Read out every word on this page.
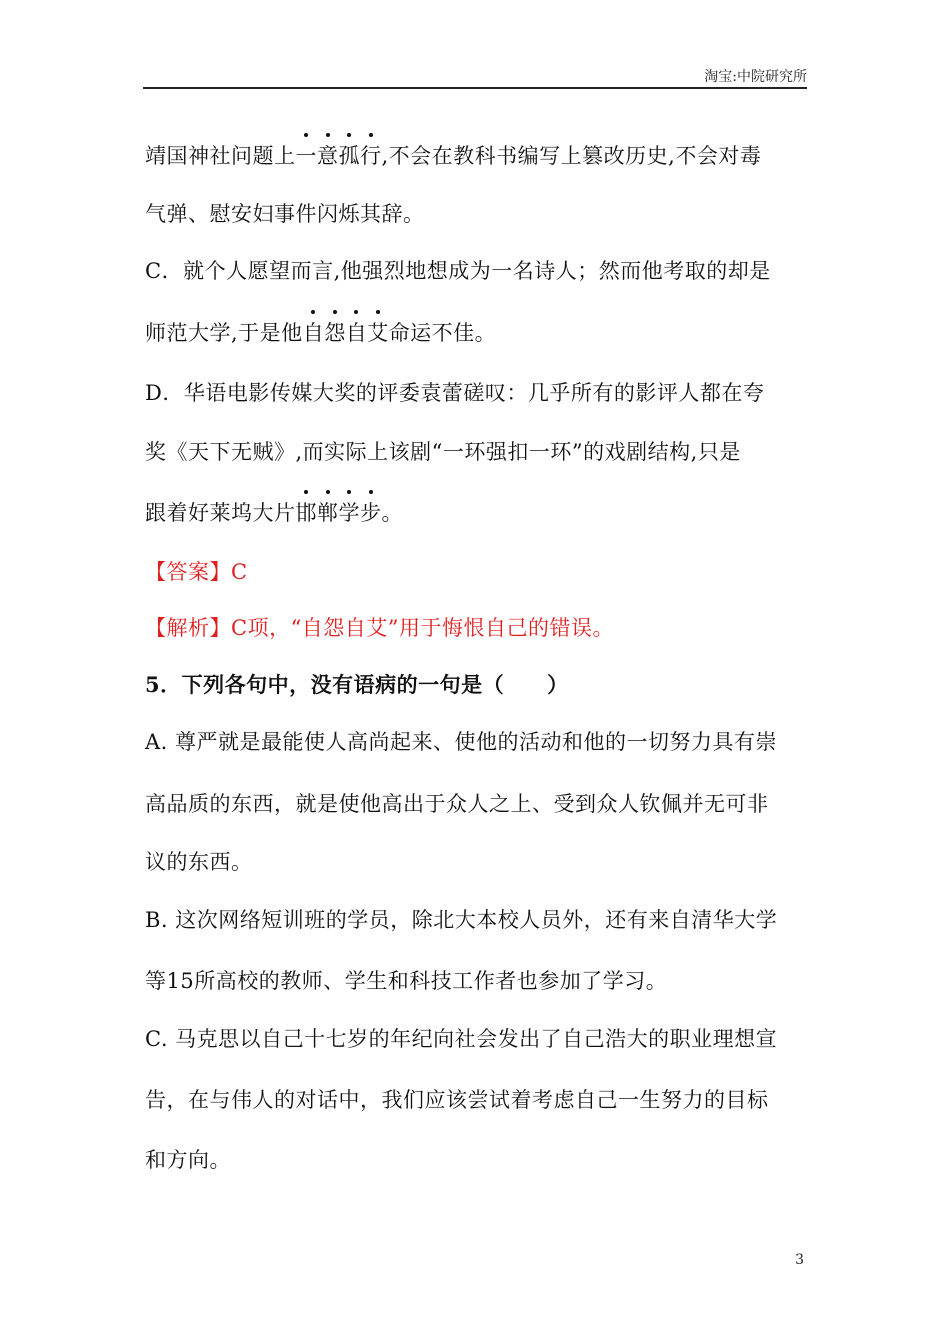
淘宝:中院研究所
靖国神社问题上一意孤行,不会在教科书编写上篡改历史,不会对毒
气弹、慰安妇事件闪烁其辞。
C．就个人愿望而言,他强烈地想成为一名诗人；然而他考取的却是
师范大学,于是他自怨自艾命运不佳。
D．华语电影传媒大奖的评委袁蕾磋叹：几乎所有的影评人都在夸
奖《天下无贼》,而实际上该剧“一环强扣一环”的戏剧结构,只是
跟着好莱坞大片邯郸学步。
【答案】C
【解析】C项，“自怨自艾”用于悔恨自己的错误。
5．下列各句中，没有语病的一句是（　　）
A. 尊严就是最能使人高尚起来、使他的活动和他的一切努力具有崇
高品质的东西，就是使他高出于众人之上、受到众人钦佩并无可非
议的东西。
B. 这次网络短训班的学员，除北大本校人员外，还有来自清华大学
等15所高校的教师、学生和科技工作者也参加了学习。
C. 马克思以自己十七岁的年纪向社会发出了自己浩大的职业理想宣
告，在与伟人的对话中，我们应该尝试着考虑自己一生努力的目标
和方向。
3
